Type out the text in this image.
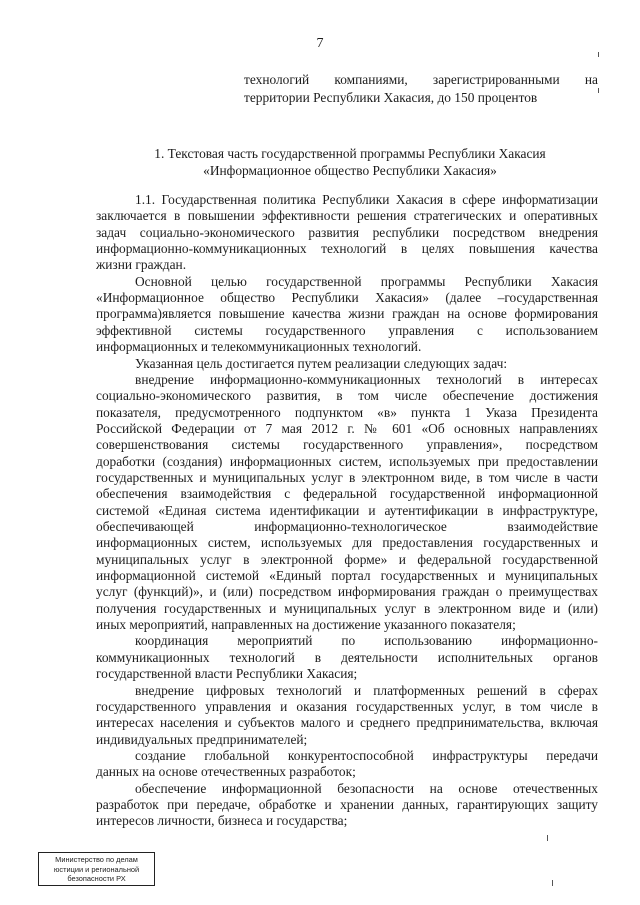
7
технологий компаниями, зарегистрированными на
территории Республики Хакасия, до 150 процентов
1. Текстовая часть государственной программы Республики Хакасия
«Информационное общество Республики Хакасия»
1.1. Государственная политика Республики Хакасия в сфере информатизации
заключается в повышении эффективности решения стратегических и оперативных
задач социально-экономического развития республики посредством внедрения
информационно-коммуникационных технологий в целях повышения качества
жизни граждан.
Основной целью государственной программы Республики Хакасия
«Информационное общество Республики Хакасия» (далее –государственная
программа)является повышение качества жизни граждан на основе формирования
эффективной системы государственного управления с использованием
информационных и телекоммуникационных технологий.
Указанная цель достигается путем реализации следующих задач:
внедрение информационно-коммуникационных технологий в интересах
социально-экономического развития, в том числе обеспечение достижения
показателя, предусмотренного подпунктом «в» пункта 1 Указа Президента
Российской Федерации от 7 мая 2012 г. № 601 «Об основных направлениях
совершенствования системы государственного управления», посредством
доработки (создания) информационных систем, используемых при предоставлении
государственных и муниципальных услуг в электронном виде, в том числе в части
обеспечения взаимодействия с федеральной государственной информационной
системой «Единая система идентификации и аутентификации в инфраструктуре,
обеспечивающей информационно-технологическое взаимодействие
информационных систем, используемых для предоставления государственных и
муниципальных услуг в электронной форме» и федеральной государственной
информационной системой «Единый портал государственных и муниципальных
услуг (функций)», и (или) посредством информирования граждан о преимуществах
получения государственных и муниципальных услуг в электронном виде и (или)
иных мероприятий, направленных на достижение указанного показателя;
координация мероприятий по использованию информационно-
коммуникационных технологий в деятельности исполнительных органов
государственной власти Республики Хакасия;
внедрение цифровых технологий и платформенных решений в сферах
государственного управления и оказания государственных услуг, в том числе в
интересах населения и субъектов малого и среднего предпринимательства, включая
индивидуальных предпринимателей;
создание глобальной конкурентоспособной инфраструктуры передачи
данных на основе отечественных разработок;
обеспечение информационной безопасности на основе отечественных
разработок при передаче, обработке и хранении данных, гарантирующих защиту
интересов личности, бизнеса и государства;
Министерство по делам
юстиции и региональной
безопасности РХ
